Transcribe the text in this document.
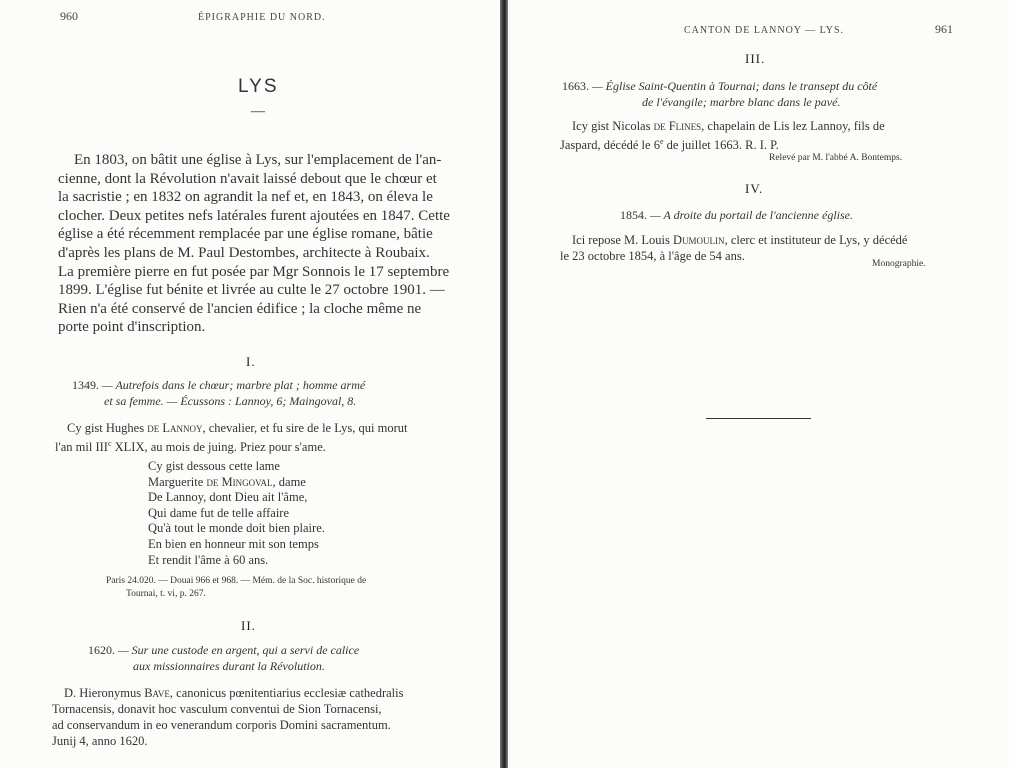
960	ÉPIGRAPHIE DU NORD.
LYS
—

En 1803, on bâtit une église à Lys, sur l'emplacement de l'an-

cienne, dont la Révolution n'avait laissé debout que le chœur et

la sacristie ; en 1832 on agrandit la nef et, en 1843, on éleva le

clocher. Deux petites nefs latérales furent ajoutées en 1847. Cette

église a été récemment remplacée par une église romane, bâtie

d'après les plans de M. Paul Destombes, architecte à Roubaix.

La première pierre en fut posée par Mgr Sonnois le 17 septembre

1899. L'église fut bénite et livrée au culte le 27 octobre 1901. —

Rien n'a été conservé de l'ancien édifice ; la cloche même ne

porte point d'inscription.

I.
1349. — Autrefois dans le chœur; marbre plat ; homme armé
et sa femme. — Écussons : Lannoy, 6; Maingoval, 8.

Cy gist Hughes de Lannoy, chevalier, et fu sire de le Lys, qui morut

l'an mil III$^c$ XLIX, au mois de juing. Priez pour s'ame.

Cy gist dessous cette lame

Marguerite de Mingoval, dame

De Lannoy, dont Dieu ait l'âme,

Qui dame fut de telle affaire

Qu'à tout le monde doit bien plaire.

En bien en honneur mit son temps

Et rendit l'âme à 60 ans.

Paris 24.020. — Douai 966 et 968. — Mém. de la Soc. historique de
Tournai, t. vi, p. 267.
II.
1620. — Sur une custode en argent, qui a servi de calice
aux missionnaires durant la Révolution.

D. Hieronymus Bave, canonicus pœnitentiarius ecclesiæ cathedralis

Tornacensis, donavit hoc vasculum conventui de Sion Tornacensi,

ad conservandum in eo venerandum corporis Domini sacramentum.

Junij 4, anno 1620.

CANTON DE LANNOY — LYS.	961
III.
1663. — Église Saint-Quentin à Tournai; dans le transept du côté
de l'évangile; marbre blanc dans le pavé.

Icy gist Nicolas de Flines, chapelain de Lis lez Lannoy, fils de

Jaspard, décédé le 6e de juillet 1663. R. I. P.

Relevé par M. l'abbé A. Bontemps.
IV.
1854. — A droite du portail de l'ancienne église.

Ici repose M. Louis Dumoulin, clerc et instituteur de Lys, y décédé

le 23 octobre 1854, à l'âge de 54 ans.

Monographie.
